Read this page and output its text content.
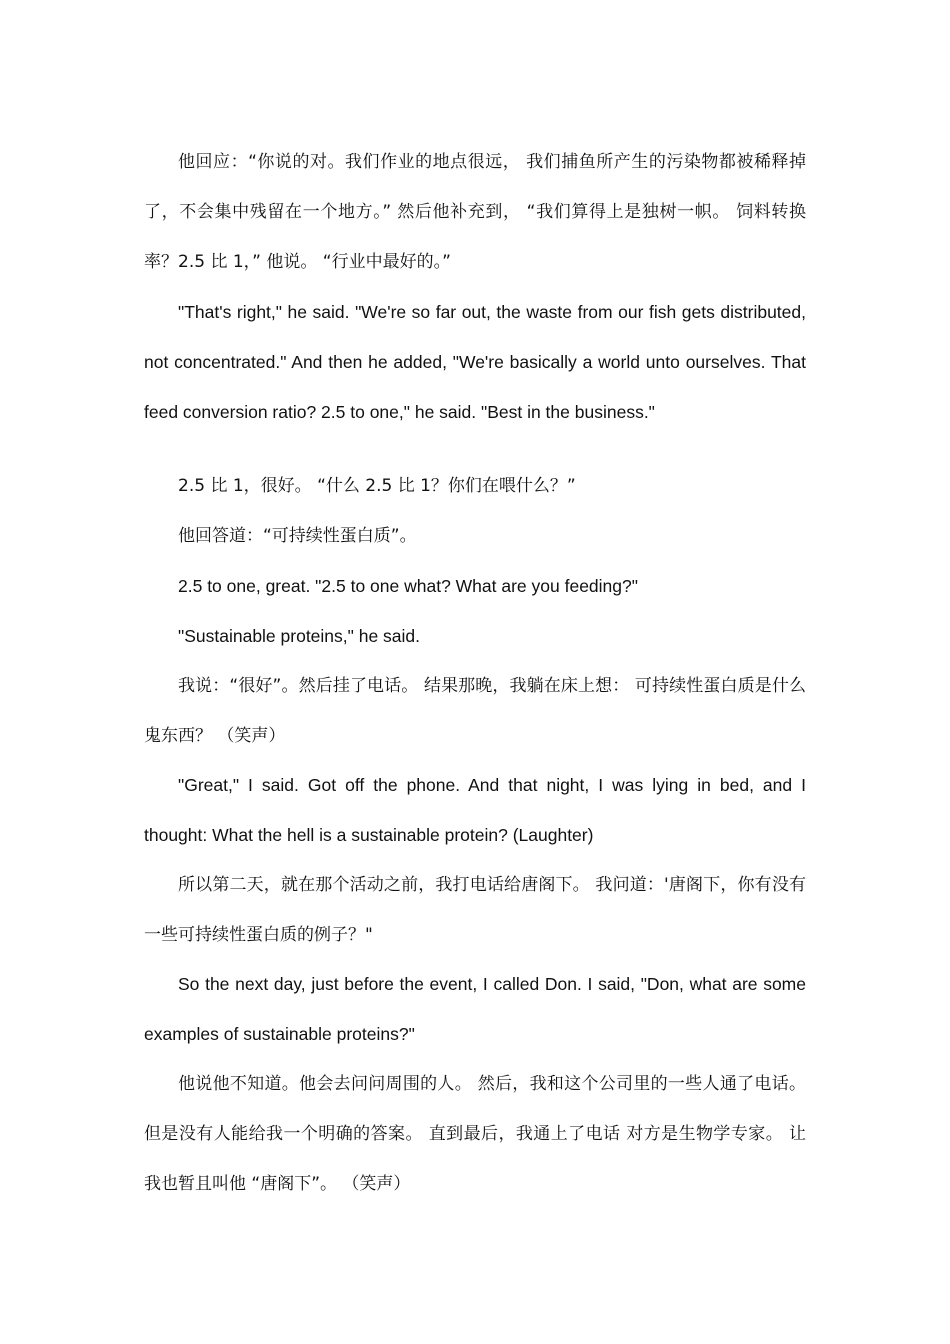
他回应：“你说的对。我们作业的地点很远， 我们捕鱼所产生的污染物都被稀释掉了，不会集中残留在一个地方。” 然后他补充到， “我们算得上是独树一帜。 饲料转换率？2.5 比 1，” 他说。 “行业中最好的。”

"That's right," he said. "We're so far out, the waste from our fish gets distributed, not concentrated." And then he added, "We're basically a world unto ourselves. That feed conversion ratio? 2.5 to one," he said. "Best in the business."

2.5 比 1，很好。 “什么 2.5 比 1？你们在喂什么？”

他回答道：“可持续性蛋白质”。

2.5 to one, great. "2.5 to one what? What are you feeding?"

"Sustainable proteins," he said.

我说：“很好”。然后挂了电话。 结果那晚，我躺在床上想： 可持续性蛋白质是什么鬼东西？ （笑声）

"Great," I said. Got off the phone. And that night, I was lying in bed, and I thought: What the hell is a sustainable protein? (Laughter)

所以第二天，就在那个活动之前，我打电话给唐阁下。 我问道：'唐阁下，你有没有一些可持续性蛋白质的例子？"

So the next day, just before the event, I called Don. I said, "Don, what are some examples of sustainable proteins?"

他说他不知道。他会去问问周围的人。 然后，我和这个公司里的一些人通了电话。 但是没有人能给我一个明确的答案。 直到最后，我通上了电话 对方是生物学专家。 让我也暂且叫他 “唐阁下”。 （笑声）
